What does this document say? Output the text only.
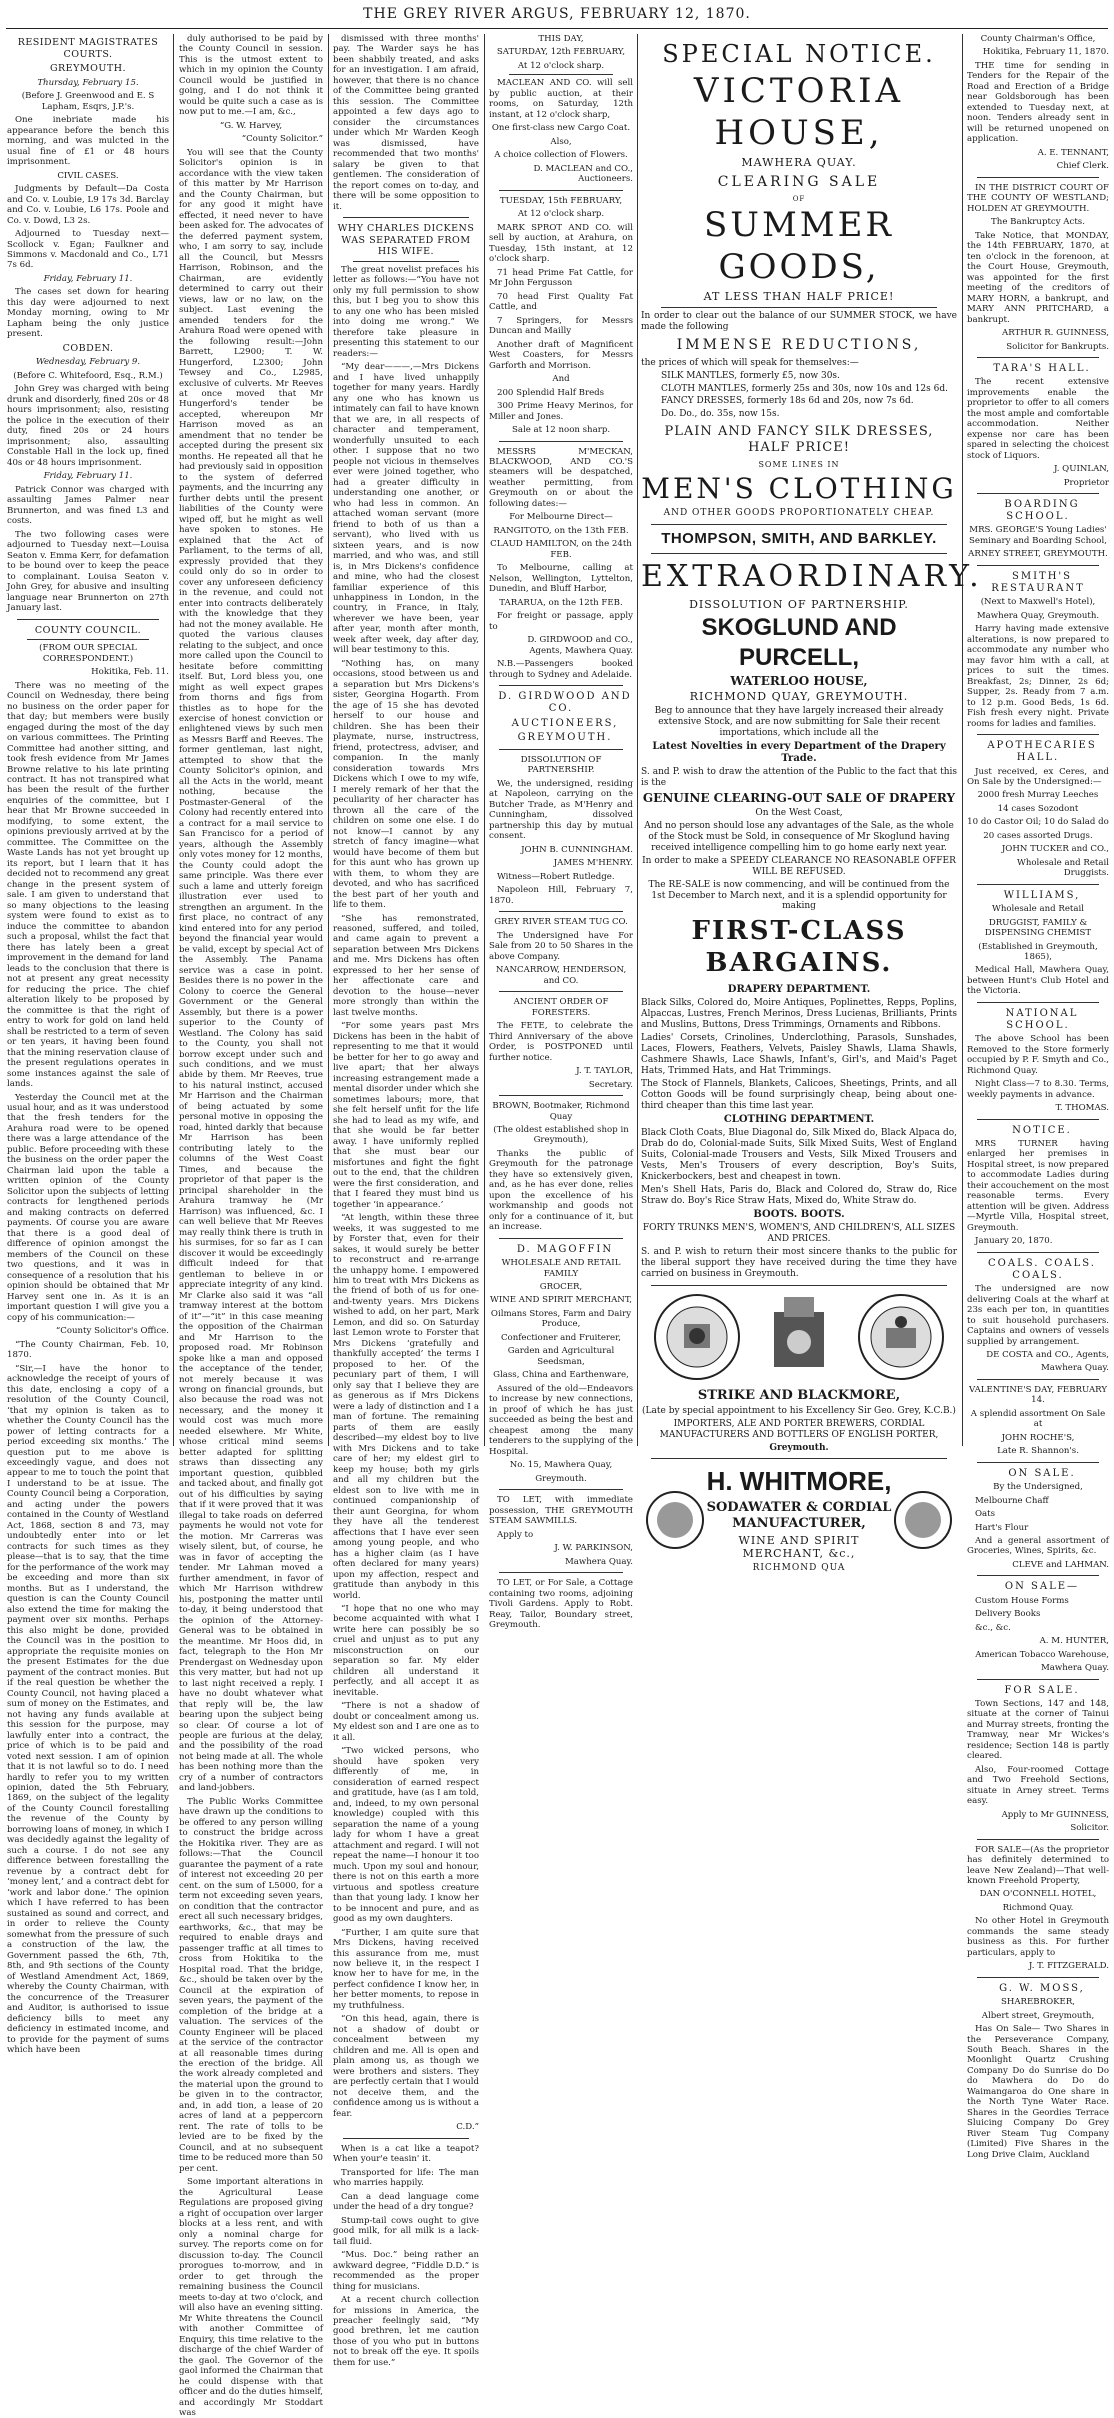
THE GREY RIVER ARGUS, FEBRUARY 12, 1870.
RESIDENT MAGISTRATES COURTS.
GREYMOUTH.
Thursday, February 15.

(Before J. Greenwood and E. S Lapham, Esqrs, J.P.'s.

One inebriate made his appearance before the bench this morning, and was mulcted in the usual fine of £1 or 48 hours imprisonment.

CIVIL CASES.

Judgments by Default—Da Costa and Co. v. Loubie, L9 17s 3d. Barclay and Co. v. Loubie, L6 17s. Poole and Co. v. Dowd, L3 2s.

Adjourned to Tuesday next—Scollock v. Egan; Faulkner and Simmons v. Macdonald and Co., L71 7s 6d.

Friday, February 11.

The cases set down for hearing this day were adjourned to next Monday morning, owing to Mr Lapham being the only justice present.

COBDEN.
Wednesday, February 9.

(Before C. Whitefoord, Esq., R.M.)

John Grey was charged with being drunk and disorderly, fined 20s or 48 hours imprisonment; also, resisting the police in the execution of their duty, fined 20s or 24 hours imprisonment; also, assaulting Constable Hall in the lock up, fined 40s or 48 hours imprisonment.

Friday, February 11.

Patrick Connor was charged with assaulting James Palmer near Brunnerton, and was fined L3 and costs.

The two following cases were adjourned to Tuesday next—Louisa Seaton v. Emma Kerr, for defamation to be bound over to keep the peace to complainant. Louisa Seaton v. John Grey, for abusive and insulting language near Brunnerton on 27th January last.

COUNTY COUNCIL.

(FROM OUR SPECIAL CORRESPONDENT.)

Hokitika, Feb. 11.

There was no meeting of the Council on Wednesday, there being no business on the order paper for that day; but members were busily engaged during the most of the day on various committees. The Printing Committee had another sitting, and took fresh evidence from Mr James Browne relative to his late printing contract. It has not transpired what has been the result of the further enquiries of the committee, but I hear that Mr Browne succeeded in modifying, to some extent, the opinions previously arrived at by the committee. The Committee on the Waste Lands has not yet brought up its report, but I learn that it has decided not to recommend any great change in the present system of sale. I am given to understand that so many objections to the leasing system were found to exist as to induce the committee to abandon such a proposal, whilst the fact that there has lately been a great improvement in the demand for land leads to the conclusion that there is not at present any great necessity for reducing the price. The chief alteration likely to be proposed by the committee is that the right of entry to work for gold on land held shall be restricted to a term of seven or ten years, it having been found that the mining reservation clause of the present regulations operates in some instances against the sale of lands.

Yesterday the Council met at the usual hour, and as it was understood that the fresh tenders for the Arahura road were to be opened there was a large attendance of the public. Before proceeding with these the business on the order paper the Chairman laid upon the table a written opinion of the County Solicitor upon the subjects of letting contracts for lengthened periods and making contracts on deferred payments. Of course you are aware that there is a good deal of difference of opinion amongst the members of the Council on these two questions, and it was in consequence of a resolution that his opinion should be obtained that Mr Harvey sent one in. As it is an important question I will give you a copy of his communication:—

“County Solicitor's Office.

“The County Chairman, Feb. 10, 1870.

“Sir,—I have the honor to acknowledge the receipt of yours of this date, enclosing a copy of a resolution of the County Council, ‘that my opinion is taken as to whether the County Council has the power of letting contracts for a period exceeding six months.’ The question put to me above is exceedingly vague, and does not appear to me to touch the point that I understand to be at issue. The County Council being a Corporation, and acting under the powers contained in the County of Westland Act, 1868, section 8 and 73, may undoubtedly enter into or let contracts for such times as they please—that is to say, that the time for the performance of the work may be exceeding and more than six months. But as I understand, the question is can the County Council also extend the time for making the payment over six months. Perhaps this also might be done, provided the Council was in the position to appropriate the requisite monies on the present Estimates for the due payment of the contract monies. But if the real question be whether the County Council, not having placed a sum of money on the Estimates, and not having any funds available at this session for the purpose, may lawfully enter into a contract, the price of which is to be paid and voted next session. I am of opinion that it is not lawful so to do. I need hardly to refer you to my written opinion, dated the 5th February, 1869, on the subject of the legality of the County Council forestalling the revenue of the County by borrowing loans of money, in which I was decidedly against the legality of such a course. I do not see any difference between forestalling the revenue by a contract debt for ‘money lent,’ and a contract debt for ‘work and labor done.’ The opinion which I have referred to has been sustained as sound and correct, and in order to relieve the County somewhat from the pressure of such a construction of the law, the Government passed the 6th, 7th, 8th, and 9th sections of the County of Westland Amendment Act, 1869, whereby the County Chairman, with the concurrence of the Treasurer and Auditor, is authorised to issue deficiency bills to meet any deficiency in estimated income, and to provide for the payment of sums which have been

duly authorised to be paid by the County Council in session. This is the utmost extent to which in my opinion the County Council would be justified in going, and I do not think it would be quite such a case as is now put to me.—I am, &c.,

“G. W. Harvey,

“County Solicitor.”

You will see that the County Solicitor's opinion is in accordance with the view taken of this matter by Mr Harrison and the County Chairman, but for any good it might have effected, it need never to have been asked for. The advocates of the deferred payment system, who, I am sorry to say, include all the Council, but Messrs Harrison, Robinson, and the Chairman, are evidently determined to carry out their views, law or no law, on the subject. Last evening the amended tenders for the Arahura Road were opened with the following result:—John Barrett, L2900; T. W. Hungerford, L2300; John Tewsey and Co., L2985, exclusive of culverts. Mr Reeves at once moved that Mr Hungerford's tender be accepted, whereupon Mr Harrison moved as an amendment that no tender be accepted during the present six months. He repeated all that he had previously said in opposition to the system of deferred payments, and the incurring any further debts until the present liabilities of the County were wiped off, but he might as well have spoken to stones. He explained that the Act of Parliament, to the terms of all, expressly provided that they could only do so in order to cover any unforeseen deficiency in the revenue, and could not enter into contracts deliberately with the knowledge that they had not the money available. He quoted the various clauses relating to the subject, and once more called upon the Council to hesitate before committing itself. But, Lord bless you, one might as well expect grapes from thorns and figs from thistles as to hope for the exercise of honest conviction or enlightened views by such men as Messrs Barff and Reeves. The former gentleman, last night, attempted to show that the County Solicitor's opinion, and all the Acts in the world, meant nothing, because the Postmaster-General of the Colony had recently entered into a contract for a mail service to San Francisco for a period of years, although the Assembly only votes money for 12 months, the County could adopt the same principle. Was there ever such a lame and utterly foreign illustration ever used to strengthen an argument. In the first place, no contract of any kind entered into for any period beyond the financial year would be valid, except by special Act of the Assembly. The Panama service was a case in point. Besides there is no power in the Colony to coerce the General Government or the General Assembly, but there is a power superior to the County of Westland. The Colony has said to the County, you shall not borrow except under such and such conditions, and we must abide by them. Mr Reeves, true to his natural instinct, accused Mr Harrison and the Chairman of being actuated by some personal motive in opposing the road, hinted darkly that because Mr Harrison has been contributing lately to the columns of the West Coast Times, and because the proprietor of that paper is the principal shareholder in the Arahura tramway he (Mr Harrison) was influenced, &c. I can well believe that Mr Reeves may really think there is truth in his surmises, for so far as I can discover it would be exceedingly difficult indeed for that gentleman to believe in or appreciate integrity of any kind. Mr Clarke also said it was “all tramway interest at the bottom of it”—“it” in this case meaning the opposition of the Chairman and Mr Harrison to the proposed road. Mr Robinson spoke like a man and opposed the acceptance of the tender, not merely because it was wrong on financial grounds, but also because the road was not necessary, and the money it would cost was much more needed elsewhere. Mr White, whose critical mind seems better adapted for splitting straws than dissecting any important question, quibbled and tacked about, and finally got out of his difficulties by saying that if it were proved that it was illegal to take roads on deferred payments he would not vote for the motion. Mr Carreras was wisely silent, but, of course, he was in favor of accepting the tender. Mr Lahman moved a further amendment, in favor of which Mr Harrison withdrew his, postponing the matter until to-day, it being understood that the opinion of the Attorney-General was to be obtained in the meantime. Mr Hoos did, in fact, telegraph to the Hon Mr Prendergast on Wednesday upon this very matter, but had not up to last night received a reply. I have no doubt whatever what that reply will be, the law bearing upon the subject being so clear. Of course a lot of people are furious at the delay, and the possibility of the road not being made at all. The whole has been nothing more than the cry of a number of contractors and land-jobbers.

The Public Works Committee have drawn up the conditions to be offered to any person willing to construct the bridge across the Hokitika river. They are as follows:—That the Council guarantee the payment of a rate of interest not exceeding 20 per cent. on the sum of L5000, for a term not exceeding seven years, on condition that the contractor erect all such necessary bridges, earthworks, &c., that may be required to enable drays and passenger traffic at all times to cross from Hokitika to the Hospital road. That the bridge, &c., should be taken over by the Council at the expiration of seven years, the payment of the completion of the bridge at a valuation. The services of the County Engineer will be placed at the service of the contractor at all reasonable times during the erection of the bridge. All the work already completed and the material upon the ground to be given in to the contractor, and, in add tion, a lease of 20 acres of land at a peppercorn rent. The rate of tolls to be levied are to be fixed by the Council, and at no subsequent time to be reduced more than 50 per cent.

Some important alterations in the Agricultural Lease Regulations are proposed giving a right of occupation over larger blocks at a less rent, and with only a nominal charge for survey. The reports come on for discussion to-day. The Council prorogues to-morrow, and in order to get through the remaining business the Council meets to-day at two o'clock, and will also have an evening sitting. Mr White threatens the Council with another Committee of Enquiry, this time relative to the discharge of the chief Warder of the gaol. The Governor of the gaol informed the Chairman that he could dispense with that officer and do the duties himself, and accordingly Mr Stoddart was

dismissed with three months' pay. The Warder says he has been shabbily treated, and asks for an investigation. I am afraid, however, that there is no chance of the Committee being granted this session. The Committee appointed a few days ago to consider the circumstances under which Mr Warden Keogh was dismissed, have recommended that two months' salary be given to that gentlemen. The consideration of the report comes on to-day, and there will be some opposition to it.

WHY CHARLES DICKENS WAS SEPARATED FROM HIS WIFE.

The great novelist prefaces his letter as follows:—“You have not only my full permission to show this, but I beg you to show this to any one who has been misled into doing me wrong.” We therefore take pleasure in presenting this statement to our readers:—

“My dear———,—Mrs Dickens and I have lived unhappily together for many years. Hardly any one who has known us intimately can fail to have known that we are, in all respects of character and temperament, wonderfully unsuited to each other. I suppose that no two people not vicious in themselves ever were joined together, who had a greater difficulty in understanding one another, or who had less in common. An attached woman servant (more friend to both of us than a servant), who lived with us sixteen years, and is now married, and who was, and still is, in Mrs Dickens's confidence and mine, who had the closest familiar experience of this unhappiness in London, in the country, in France, in Italy, wherever we have been, year after year, month after month, week after week, day after day, will bear testimony to this.

“Nothing has, on many occasions, stood between us and a separation but Mrs Dickens's sister, Georgina Hogarth. From the age of 15 she has devoted herself to our house and children. She has been their playmate, nurse, instructress, friend, protectress, adviser, and companion. In the manly consideration towards Mrs Dickens which I owe to my wife, I merely remark of her that the peculiarity of her character has thrown all the care of the children on some one else. I do not know—I cannot by any stretch of fancy imagine—what would have become of them but for this aunt who has grown up with them, to whom they are devoted, and who has sacrificed the best part of her youth and life to them.

“She has remonstrated, reasoned, suffered, and toiled, and came again to prevent a separation between Mrs Dickens and me. Mrs Dickens has often expressed to her her sense of her affectionate care and devotion to the house—never more strongly than within the last twelve months.

“For some years past Mrs Dickens has been in the habit of representing to me that it would be better for her to go away and live apart; that her always increasing estrangement made a mental disorder under which she sometimes labours; more, that she felt herself unfit for the life she had to lead as my wife, and that she would be far better away. I have uniformly replied that she must bear our misfortunes and fight the fight out to the end, that the children were the first consideration, and that I feared they must bind us together ‘in appearance.’

“At length, within these three weeks, it was suggested to me by Forster that, even for their sakes, it would surely be better to reconstruct and re-arrange the unhappy home. I empowered him to treat with Mrs Dickens as the friend of both of us for one-and-twenty years. Mrs Dickens wished to add, on her part, Mark Lemon, and did so. On Saturday last Lemon wrote to Forster that Mrs Dickens ‘gratefully and thankfully accepted’ the terms I proposed to her. Of the pecuniary part of them, I will only say that I believe they are as generous as if Mrs Dickens were a lady of distinction and I a man of fortune. The remaining parts of them are easily described—my eldest boy to live with Mrs Dickens and to take care of her; my eldest girl to keep my house; both my girls and all my children but the eldest son to live with me in continued companionship of their aunt Georgina, for whom they have all the tenderest affections that I have ever seen among young people, and who has a higher claim (as I have often declared for many years) upon my affection, respect and gratitude than anybody in this world.

“I hope that no one who may become acquainted with what I write here can possibly be so cruel and unjust as to put any misconstruction on our separation so far. My elder children all understand it perfectly, and all accept it as inevitable.

“There is not a shadow of doubt or concealment among us. My eldest son and I are one as to it all.

“Two wicked persons, who should have spoken very differently of me, in consideration of earned respect and gratitude, have (as I am told, and, indeed, to my own personal knowledge) coupled with this separation the name of a young lady for whom I have a great attachment and regard. I will not repeat the name—I honour it too much. Upon my soul and honour, there is not on this earth a more virtuous and spotless creature than that young lady. I know her to be innocent and pure, and as good as my own daughters.

“Further, I am quite sure that Mrs Dickens, having received this assurance from me, must now believe it, in the respect I know her to have for me, in the perfect confidence I know her, in her better moments, to repose in my truthfulness.

“On this head, again, there is not a shadow of doubt or concealment between my children and me. All is open and plain among us, as though we were brothers and sisters. They are perfectly certain that I would not deceive them, and the confidence among us is without a fear.

C.D.”

When is a cat like a teapot? When your'e teasin' it.

Transported for life: The man who marries happily.

Can a dead language come under the head of a dry tongue?

Stump-tail cows ought to give good milk, for all milk is a lack-tail fluid.

“Mus. Doc.” being rather an awkward degree, “Fiddle D.D.” is recommended as the proper thing for musicians.

At a recent church collection for missions in America, the preacher feelingly said, “My good brethren, let me caution those of you who put in buttons not to break off the eye. It spoils them for use.”

THIS DAY,

SATURDAY, 12th FEBRUARY,

At 12 o'clock sharp.

MACLEAN AND CO. will sell by public auction, at their rooms, on Saturday, 12th instant, at 12 o'clock sharp,

One first-class new Cargo Coat.

Also,

A choice collection of Flowers.

D. MACLEAN and CO., Auctioneers.

TUESDAY, 15th FEBRUARY,

At 12 o'clock sharp.

MARK SPROT AND CO. will sell by auction, at Arahura, on Tuesday, 15th instant, at 12 o'clock sharp.

71 head Prime Fat Cattle, for Mr John Fergusson

70 head First Quality Fat Cattle, and

7 Springers, for Messrs Duncan and Mailly

Another draft of Magnificent West Coasters, for Messrs Garforth and Morrison.

And

200 Splendid Half Breds

300 Prime Heavy Merinos, for Miller and Jones.

Sale at 12 noon sharp.

MESSRS M'MECKAN, BLACKWOOD, AND CO.'S steamers will be despatched, weather permitting, from Greymouth on or about the following dates:—

For Melbourne Direct—

RANGITOTO, on the 13th FEB.

CLAUD HAMILTON, on the 24th FEB.

To Melbourne, calling at Nelson, Wellington, Lyttelton, Dunedin, and Bluff Harbor,

TARARUA, on the 12th FEB.

For freight or passage, apply to

D. GIRDWOOD and CO., Agents, Mawhera Quay.

N.B.—Passengers booked through to Sydney and Adelaide.

D. GIRDWOOD AND CO.

AUCTIONEERS,

GREYMOUTH.

DISSOLUTION OF PARTNERSHIP.

We, the undersigned, residing at Napoleon, carrying on the Butcher Trade, as M'Henry and Cunningham, dissolved partnership this day by mutual consent.

JOHN B. CUNNINGHAM.

JAMES M'HENRY.

Witness—Robert Rutledge.

Napoleon Hill, February 7, 1870.

GREY RIVER STEAM TUG CO.

The Undersigned have For Sale from 20 to 50 Shares in the above Company.

NANCARROW, HENDERSON, and CO.

ANCIENT ORDER OF FORESTERS.

The FETE, to celebrate the Third Anniversary of the above Order, is POSTPONED until further notice.

J. T. TAYLOR,

Secretary.

BROWN, Bootmaker, Richmond Quay

(The oldest established shop in Greymouth),

Thanks the public of Greymouth for the patronage they have so extensively given, and, as he has ever done, relies upon the excellence of his workmanship and goods not only for a continuance of it, but an increase.

D. MAGOFFIN

WHOLESALE AND RETAIL FAMILY

GROCER,

WINE AND SPIRIT MERCHANT,

Oilmans Stores, Farm and Dairy Produce,

Confectioner and Fruiterer,

Garden and Agricultural Seedsman,

Glass, China and Earthenware,

Assured of the old—Endeavors to increase by new connections, in proof of which he has just succeeded as being the best and cheapest among the many tenderers to the supplying of the Hospital.

No. 15, Mawhera Quay,

Greymouth.

TO LET, with immediate possession, THE GREYMOUTH STEAM SAWMILLS.

Apply to

J. W. PARKINSON,

Mawhera Quay.

TO LET, or For Sale, a Cottage containing two rooms, adjoining Tivoli Gardens. Apply to Robt. Reay, Tailor, Boundary street, Greymouth.

SPECIAL NOTICE.
VICTORIA HOUSE,
MAWHERA QUAY.
CLEARING SALE
OF
SUMMER GOODS,
AT LESS THAN HALF PRICE!

In order to clear out the balance of our SUMMER STOCK, we have made the following

IMMENSE REDUCTIONS,

the prices of which will speak for themselves:—

SILK MANTLES, formerly £5, now 30s.

CLOTH MANTLES, formerly 25s and 30s, now 10s and 12s 6d.

FANCY DRESSES, formerly 18s 6d and 20s, now 7s 6d.

Do. Do., do. 35s, now 15s.

PLAIN AND FANCY SILK DRESSES, HALF PRICE!
SOME LINES IN
MEN'S CLOTHING
AND OTHER GOODS PROPORTIONATELY CHEAP.
THOMPSON, SMITH, AND BARKLEY.
EXTRAORDINARY.
DISSOLUTION OF PARTNERSHIP.
SKOGLUND AND PURCELL,
WATERLOO HOUSE,
RICHMOND QUAY, GREYMOUTH.

Beg to announce that they have largely increased their already extensive Stock, and are now submitting for Sale their recent importations, which include all the

Latest Novelties in every Department of the Drapery Trade.

S. and P. wish to draw the attention of the Public to the fact that this is the

GENUINE CLEARING-OUT SALE OF DRAPERY

On the West Coast,

And no person should lose any advantages of the Sale, as the whole of the Stock must be Sold, in consequence of Mr Skoglund having received intelligence compelling him to go home early next year.

In order to make a SPEEDY CLEARANCE NO REASONABLE OFFER WILL BE REFUSED.

The RE-SALE is now commencing, and will be continued from the 1st December to March next, and it is a splendid opportunity for making

FIRST-CLASS BARGAINS.
DRAPERY DEPARTMENT.

Black Silks, Colored do, Moire Antiques, Poplinettes, Repps, Poplins, Alpaccas, Lustres, French Merinos, Dress Lucienas, Brilliants, Prints and Muslins, Buttons, Dress Trimmings, Ornaments and Ribbons.

Ladies' Corsets, Crinolines, Underclothing, Parasols, Sunshades, Laces, Flowers, Feathers, Velvets, Paisley Shawls, Llama Shawls, Cashmere Shawls, Lace Shawls, Infant's, Girl's, and Maid's Paget Hats, Trimmed Hats, and Hat Trimmings.

The Stock of Flannels, Blankets, Calicoes, Sheetings, Prints, and all Cotton Goods will be found surprisingly cheap, being about one-third cheaper than this time last year.

CLOTHING DEPARTMENT.

Black Cloth Coats, Blue Diagonal do, Silk Mixed do, Black Alpaca do, Drab do do, Colonial-made Suits, Silk Mixed Suits, West of England Suits, Colonial-made Trousers and Vests, Silk Mixed Trousers and Vests, Men's Trousers of every description, Boy's Suits, Knickerbockers, best and cheapest in town.

Men's Shell Hats, Paris do, Black and Colored do, Straw do, Rice Straw do. Boy's Rice Straw Hats, Mixed do, White Straw do.

BOOTS. BOOTS.

FORTY TRUNKS MEN'S, WOMEN'S, AND CHILDREN'S, ALL SIZES AND PRICES.

S. and P. wish to return their most sincere thanks to the public for the liberal support they have received during the time they have carried on business in Greymouth.

STRIKE AND BLACKMORE,

(Late by special appointment to his Excellency Sir Geo. Grey, K.C.B.)

IMPORTERS, ALE AND PORTER BREWERS, CORDIAL MANUFACTURERS AND BOTTLERS OF ENGLISH PORTER,

Greymouth.

H. WHITMORE,
SODAWATER & CORDIAL MANUFACTURER,
WINE AND SPIRIT MERCHANT, &c.,
RICHMOND QUA

County Chairman's Office,

Hokitika, February 11, 1870.

THE time for sending in Tenders for the Repair of the Road and Erection of a Bridge near Goldsborough has been extended to Tuesday next, at noon. Tenders already sent in will be returned unopened on application.

A. E. TENNANT,

Chief Clerk.

IN THE DISTRICT COURT OF THE COUNTY OF WESTLAND; HOLDEN AT GREYMOUTH.

The Bankruptcy Acts.

Take Notice, that MONDAY, the 14th FEBRUARY, 1870, at ten o'clock in the forenoon, at the Court House, Greymouth, was appointed for the first meeting of the creditors of MARY HORN, a bankrupt, and MARY ANN PRITCHARD, a bankrupt.

ARTHUR R. GUINNESS,

Solicitor for Bankrupts.

TARA'S HALL.

The recent extensive improvements enable the proprietor to offer to all comers the most ample and comfortable accommodation. Neither expense nor care has been spared in selecting the choicest stock of Liquors.

J. QUINLAN,

Proprietor

BOARDING SCHOOL.

MRS. GEORGE'S Young Ladies' Seminary and Boarding School,

ARNEY STREET, GREYMOUTH.

SMITH'S RESTAURANT

(Next to Maxwell's Hotel),

Mawhera Quay, Greymouth.

Harry having made extensive alterations, is now prepared to accommodate any number who may favor him with a call, at prices to suit the times. Breakfast, 2s; Dinner, 2s 6d; Supper, 2s. Ready from 7 a.m. to 12 p.m. Good Beds, 1s 6d. Fish fresh every night. Private rooms for ladies and families.

APOTHECARIES HALL.

Just received, ex Ceres, and On Sale by the Undersigned:—

2000 fresh Murray Leeches

14 cases Sozodont

10 do Castor Oil; 10 do Salad do

20 cases assorted Drugs.

JOHN TUCKER and CO.,

Wholesale and Retail Druggists.

WILLIAMS,

Wholesale and Retail

DRUGGIST, FAMILY & DISPENSING CHEMIST

(Established in Greymouth, 1865),

Medical Hall, Mawhera Quay, between Hunt's Club Hotel and the Victoria.

NATIONAL SCHOOL.

The above School has been Removed to the Store formerly occupied by P. F. Smyth and Co., Richmond Quay.

Night Class—7 to 8.30. Terms, weekly payments in advance.

T. THOMAS.

NOTICE.

MRS TURNER having enlarged her premises in Hospital street, is now prepared to accommodate Ladies during their accouchement on the most reasonable terms. Every attention will be given. Address—Myrtle Villa, Hospital street, Greymouth.

January 20, 1870.

COALS. COALS. COALS.

The undersigned are now delivering Coals at the wharf at 23s each per ton, in quantities to suit household purchasers. Captains and owners of vessels supplied by arrangement.

DE COSTA and CO., Agents,

Mawhera Quay.

VALENTINE'S DAY, FEBRUARY 14.

A splendid assortment On Sale at

JOHN ROCHE'S,

Late R. Shannon's.

ON SALE.

By the Undersigned,

Melbourne Chaff

Oats

Hart's Flour

And a general assortment of Groceries, Wines, Spirits, &c.

CLEVE and LAHMAN.

ON SALE—

Custom House Forms

Delivery Books

&c., &c.

A. M. HUNTER,

American Tobacco Warehouse,

Mawhera Quay.

FOR SALE.

Town Sections, 147 and 148, situate at the corner of Tainui and Murray streets, fronting the Tramway, near Mr Wickes's residence; Section 148 is partly cleared.

Also, Four-roomed Cottage and Two Freehold Sections, situate in Arney street. Terms easy.

Apply to Mr GUINNESS,

Solicitor.

FOR SALE—(As the proprietor has definitely determined to leave New Zealand)—That well-known Freehold Property,

DAN O'CONNELL HOTEL,

Richmond Quay.

No other Hotel in Greymouth commands the same steady business as this. For further particulars, apply to

J. T. FITZGERALD.

G. W. MOSS,

SHAREBROKER,

Albert street, Greymouth,

Has On Sale— Two Shares in the Perseverance Company, South Beach. Shares in the Moonlight Quartz Crushing Company Do do Sunrise do Do do Mawhera do Do do Waimangaroa do One share in the North Tyne Water Race. Shares in the Geordies Terrace Sluicing Company Do Grey River Steam Tug Company (Limited) Five Shares in the Long Drive Claim, Auckland
